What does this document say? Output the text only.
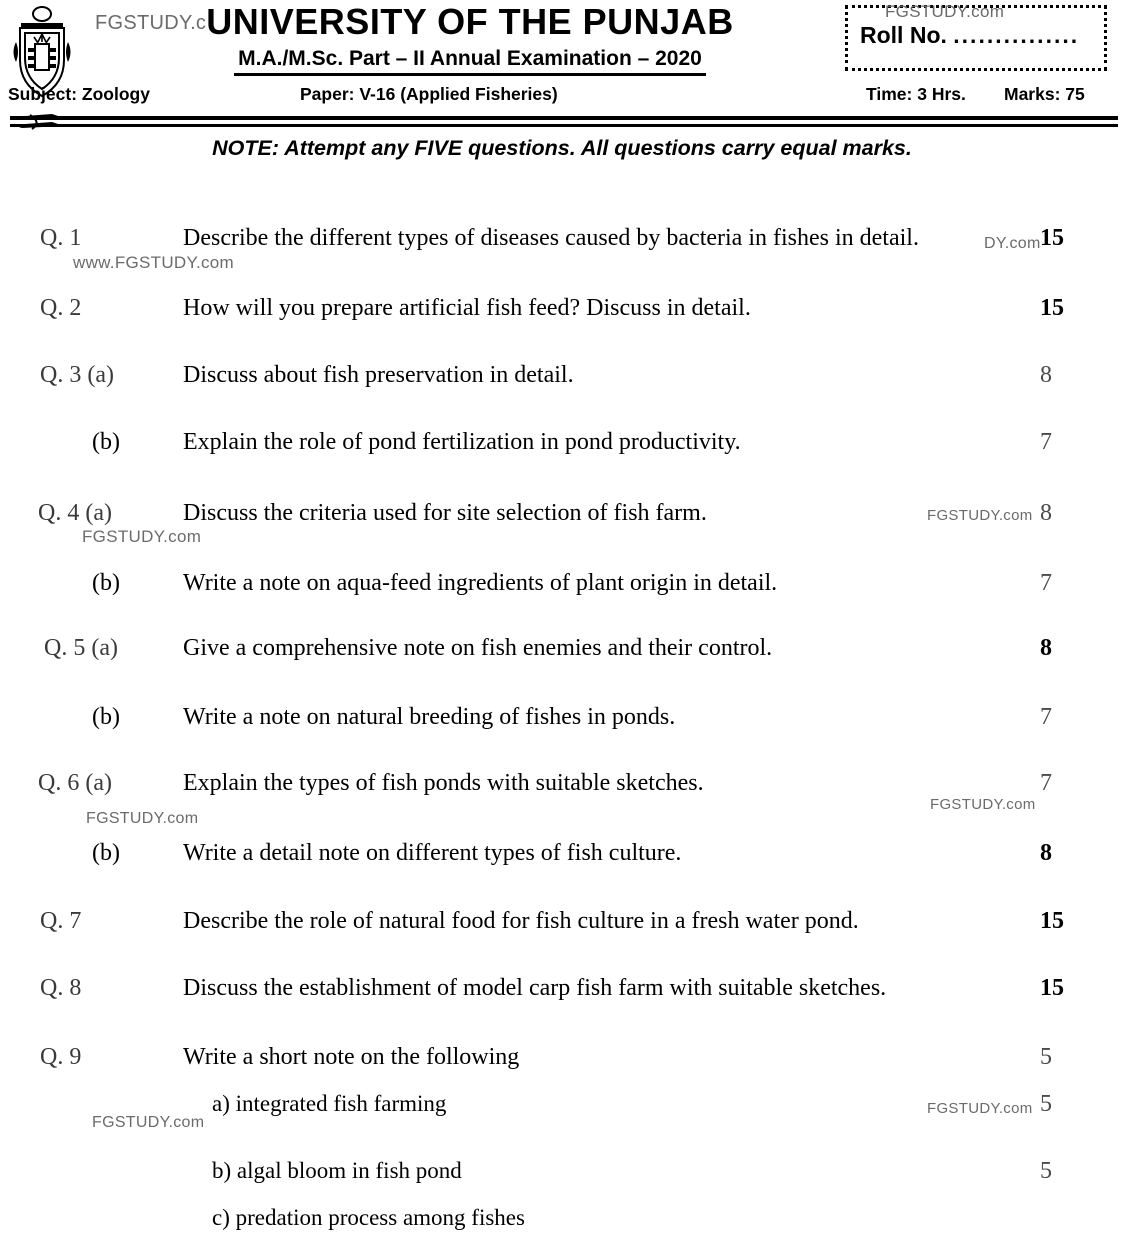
UNIVERSITY OF THE PUNJAB
M.A./M.Sc. Part – II Annual Examination – 2020
Roll No. ...............
Subject: Zoology	Paper: V-16 (Applied Fisheries)	Time: 3 Hrs. Marks: 75
NOTE: Attempt any FIVE questions. All questions carry equal marks.
Q. 1	Describe the different types of diseases caused by bacteria in fishes in detail.	15
Q. 2	How will you prepare artificial fish feed? Discuss in detail.	15
Q. 3 (a)	Discuss about fish preservation in detail.	8
(b)	Explain the role of pond fertilization in pond productivity.	7
Q. 4 (a)	Discuss the criteria used for site selection of fish farm.	8
(b)	Write a note on aqua-feed ingredients of plant origin in detail.	7
Q. 5 (a)	Give a comprehensive note on fish enemies and their control.	8
(b)	Write a note on natural breeding of fishes in ponds.	7
Q. 6 (a)	Explain the types of fish ponds with suitable sketches.	7
(b)	Write a detail note on different types of fish culture.	8
Q. 7	Describe the role of natural food for fish culture in a fresh water pond.	15
Q. 8	Discuss the establishment of model carp fish farm with suitable sketches.	15
Q. 9	Write a short note on the following	5
a) integrated fish farming	5
b) algal bloom in fish pond	5
c) predation process among fishes
FGSTUDY.c
FGSTUDY.com
www.FGSTUDY.com
DY.com
FGSTUDY.com
FGSTUDY.com
FGSTUDY.com
FGSTUDY.com
FGSTUDY.com
FGSTUDY.com
